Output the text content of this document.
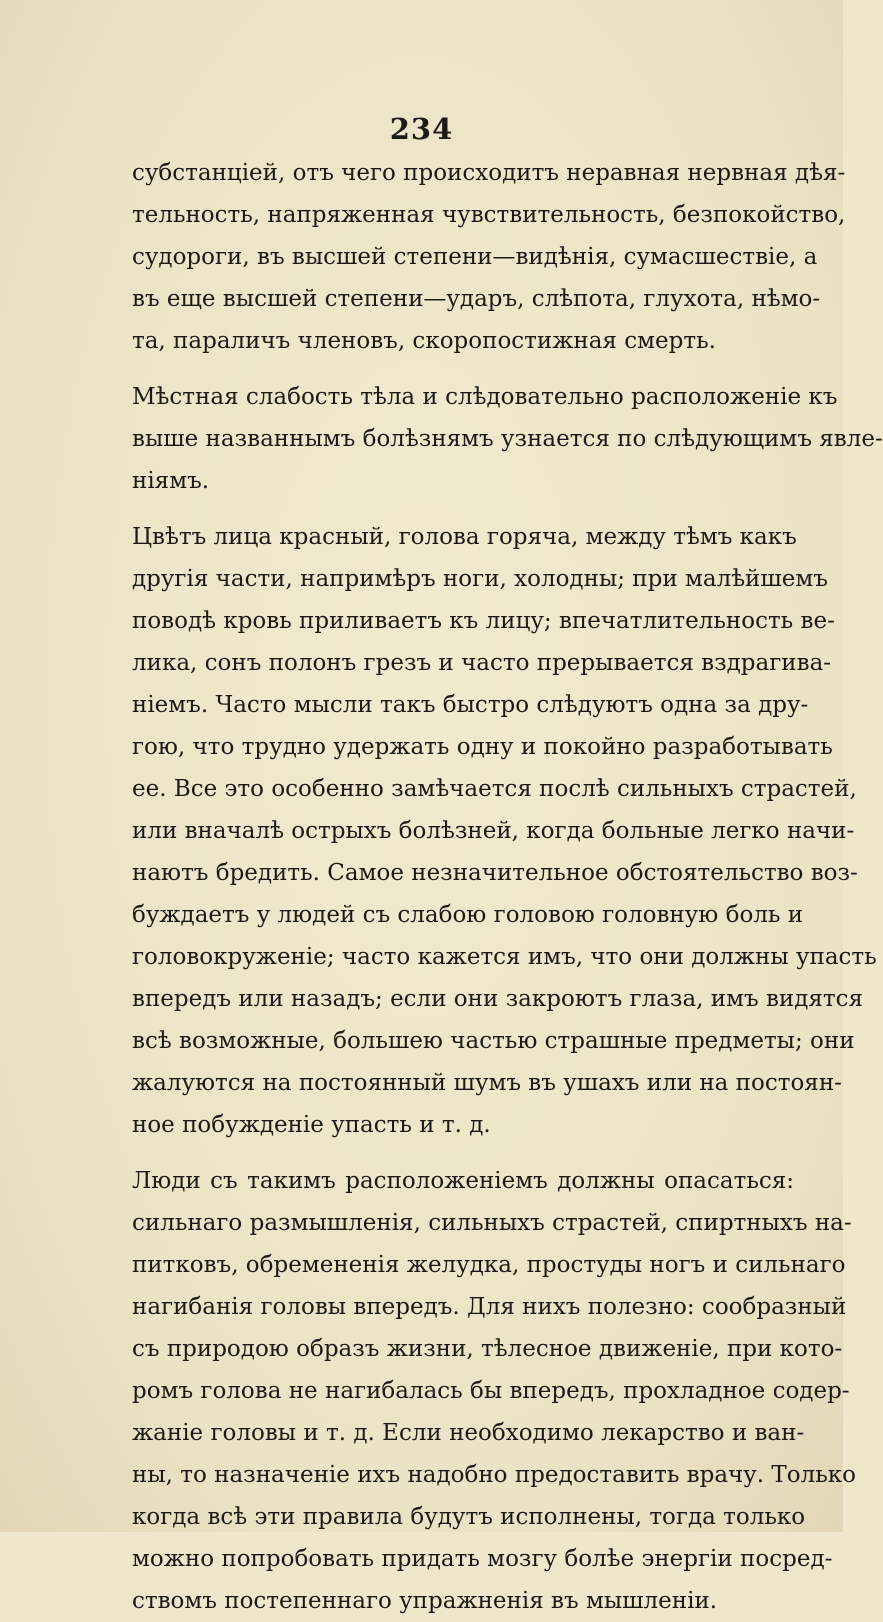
234
субстанціей, отъ чего происходитъ неравная нервная дѣя-
тельность, напряженная чувствительность, безпокойство,
судороги, въ высшей степени—видѣнія, сумасшествіе, а
въ еще высшей степени—ударъ, слѣпота, глухота, нѣмо-
та, параличъ членовъ, скоропостижная смерть.
Мѣстная слабость тѣла и слѣдовательно расположеніе къ
выше названнымъ болѣзнямъ узнается по слѣдующимъ явле-
ніямъ.
Цвѣтъ лица красный, голова горяча, между тѣмъ какъ
другія части, напримѣръ ноги, холодны; при малѣйшемъ
поводѣ кровь приливаетъ къ лицу; впечатлительность ве-
лика, сонъ полонъ грезъ и часто прерывается вздрагива-
ніемъ. Часто мысли такъ быстро слѣдуютъ одна за дру-
гою, что трудно удержать одну и покойно разработывать
ее. Все это особенно замѣчается послѣ сильныхъ страстей,
или вначалѣ острыхъ болѣзней, когда больные легко начи-
наютъ бредить. Самое незначительное обстоятельство воз-
буждаетъ у людей съ слабою головою головную боль и
головокруженіе; часто кажется имъ, что они должны упасть
впередъ или назадъ; если они закроютъ глаза, имъ видятся
всѣ возможные, большею частью страшные предметы; они
жалуются на постоянный шумъ въ ушахъ или на постоян-
ное побужденіе упасть и т. д.
Люди съ такимъ расположеніемъ должны опасаться:
сильнаго размышленія, сильныхъ страстей, спиртныхъ на-
питковъ, обремененія желудка, простуды ногъ и сильнаго
нагибанія головы впередъ. Для нихъ полезно: сообразный
съ природою образъ жизни, тѣлесное движеніе, при кото-
ромъ голова не нагибалась бы впередъ, прохладное содер-
жаніе головы и т. д. Если необходимо лекарство и ван-
ны, то назначеніе ихъ надобно предоставить врачу. Только
когда всѣ эти правила будутъ исполнены, тогда только
можно попробовать придать мозгу болѣе энергіи посред-
ствомъ постепеннаго упражненія въ мышленіи.
